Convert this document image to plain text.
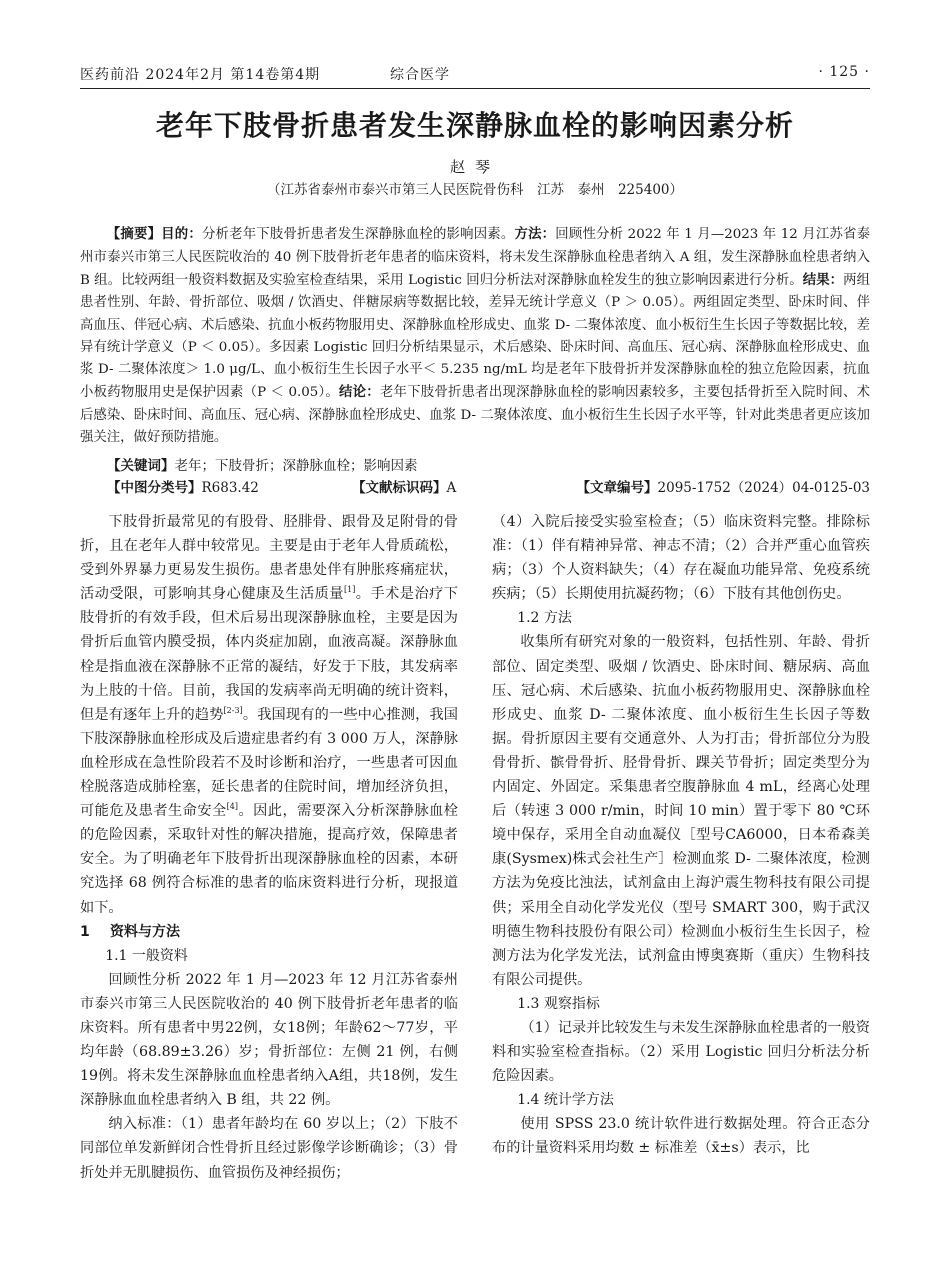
医药前沿 2024年2月 第14卷第4期	综合医学	· 125 ·
老年下肢骨折患者发生深静脉血栓的影响因素分析
赵琴
（江苏省泰州市泰兴市第三人民医院骨伤科　江苏　泰州　225400）

【摘要】目的：分析老年下肢骨折患者发生深静脉血栓的影响因素。方法：回顾性分析 2022 年 1 月—2023 年 12 月江苏省泰州市泰兴市第三人民医院收治的 40 例下肢骨折老年患者的临床资料，将未发生深静脉血栓患者纳入 A 组，发生深静脉血栓患者纳入 B 组。比较两组一般资料数据及实验室检查结果，采用 Logistic 回归分析法对深静脉血栓发生的独立影响因素进行分析。结果：两组患者性别、年龄、骨折部位、吸烟 / 饮酒史、伴糖尿病等数据比较，差异无统计学意义（P ＞ 0.05）。两组固定类型、卧床时间、伴高血压、伴冠心病、术后感染、抗血小板药物服用史、深静脉血栓形成史、血浆 D- 二聚体浓度、血小板衍生生长因子等数据比较，差异有统计学意义（P ＜ 0.05）。多因素 Logistic 回归分析结果显示，术后感染、卧床时间、高血压、冠心病、深静脉血栓形成史、血浆 D- 二聚体浓度＞ 1.0 μg/L、血小板衍生生长因子水平＜ 5.235 ng/mL 均是老年下肢骨折并发深静脉血栓的独立危险因素，抗血小板药物服用史是保护因素（P ＜ 0.05）。结论：老年下肢骨折患者出现深静脉血栓的影响因素较多，主要包括骨折至入院时间、术后感染、卧床时间、高血压、冠心病、深静脉血栓形成史、血浆 D- 二聚体浓度、血小板衍生生长因子水平等，针对此类患者更应该加强关注，做好预防措施。

【关键词】老年；下肢骨折；深静脉血栓；影响因素
【中图分类号】R683.42	【文献标识码】A	【文章编号】2095-1752（2024）04-0125-03

下肢骨折最常见的有股骨、胫腓骨、跟骨及足附骨的骨折，且在老年人群中较常见。主要是由于老年人骨质疏松，受到外界暴力更易发生损伤。患者患处伴有肿胀疼痛症状，活动受限，可影响其身心健康及生活质量[1]。手术是治疗下肢骨折的有效手段，但术后易出现深静脉血栓，主要是因为骨折后血管内膜受损，体内炎症加剧，血液高凝。深静脉血栓是指血液在深静脉不正常的凝结，好发于下肢，其发病率为上肢的十倍。目前，我国的发病率尚无明确的统计资料，但是有逐年上升的趋势[2-3]。我国现有的一些中心推测，我国下肢深静脉血栓形成及后遗症患者约有 3 000 万人，深静脉血栓形成在急性阶段若不及时诊断和治疗，一些患者可因血栓脱落造成肺栓塞，延长患者的住院时间，增加经济负担，可能危及患者生命安全[4]。因此，需要深入分析深静脉血栓的危险因素，采取针对性的解决措施，提高疗效，保障患者安全。为了明确老年下肢骨折出现深静脉血栓的因素，本研究选择 68 例符合标准的患者的临床资料进行分析，现报道如下。

1 资料与方法

1.1 一般资料

回顾性分析 2022 年 1 月—2023 年 12 月江苏省泰州市泰兴市第三人民医院收治的 40 例下肢骨折老年患者的临床资料。所有患者中男22例，女18例；年龄62～77岁，平均年龄（68.89±3.26）岁；骨折部位：左侧 21 例，右侧19例。将未发生深静脉血血栓患者纳入A组，共18例，发生深静脉血血栓患者纳入 B 组，共 22 例。

纳入标准：（1）患者年龄均在 60 岁以上；（2）下肢不同部位单发新鲜闭合性骨折且经过影像学诊断确诊；（3）骨折处并无肌腱损伤、血管损伤及神经损伤；

（4）入院后接受实验室检查；（5）临床资料完整。排除标准：（1）伴有精神异常、神志不清；（2）合并严重心血管疾病；（3）个人资料缺失；（4）存在凝血功能异常、免疫系统疾病；（5）长期使用抗凝药物；（6）下肢有其他创伤史。

1.2 方法

收集所有研究对象的一般资料，包括性别、年龄、骨折部位、固定类型、吸烟 / 饮酒史、卧床时间、糖尿病、高血压、冠心病、术后感染、抗血小板药物服用史、深静脉血栓形成史、血浆 D- 二聚体浓度、血小板衍生生长因子等数据。骨折原因主要有交通意外、人为打击；骨折部位分为股骨骨折、髌骨骨折、胫骨骨折、踝关节骨折；固定类型分为内固定、外固定。采集患者空腹静脉血 4 mL，经离心处理后（转速 3 000 r/min，时间 10 min）置于零下 80 ℃环境中保存，采用全自动血凝仪［型号CA6000，日本希森美康(Sysmex)株式会社生产］检测血浆 D- 二聚体浓度，检测方法为免疫比浊法，试剂盒由上海沪震生物科技有限公司提供；采用全自动化学发光仪（型号 SMART 300，购于武汉明德生物科技股份有限公司）检测血小板衍生生长因子，检测方法为化学发光法，试剂盒由博奥赛斯（重庆）生物科技有限公司提供。

1.3 观察指标

（1）记录并比较发生与未发生深静脉血栓患者的一般资料和实验室检查指标。（2）采用 Logistic 回归分析法分析危险因素。

1.4 统计学方法

使用 SPSS 23.0 统计软件进行数据处理。符合正态分布的计量资料采用均数 ± 标准差（x̄±s）表示，比
